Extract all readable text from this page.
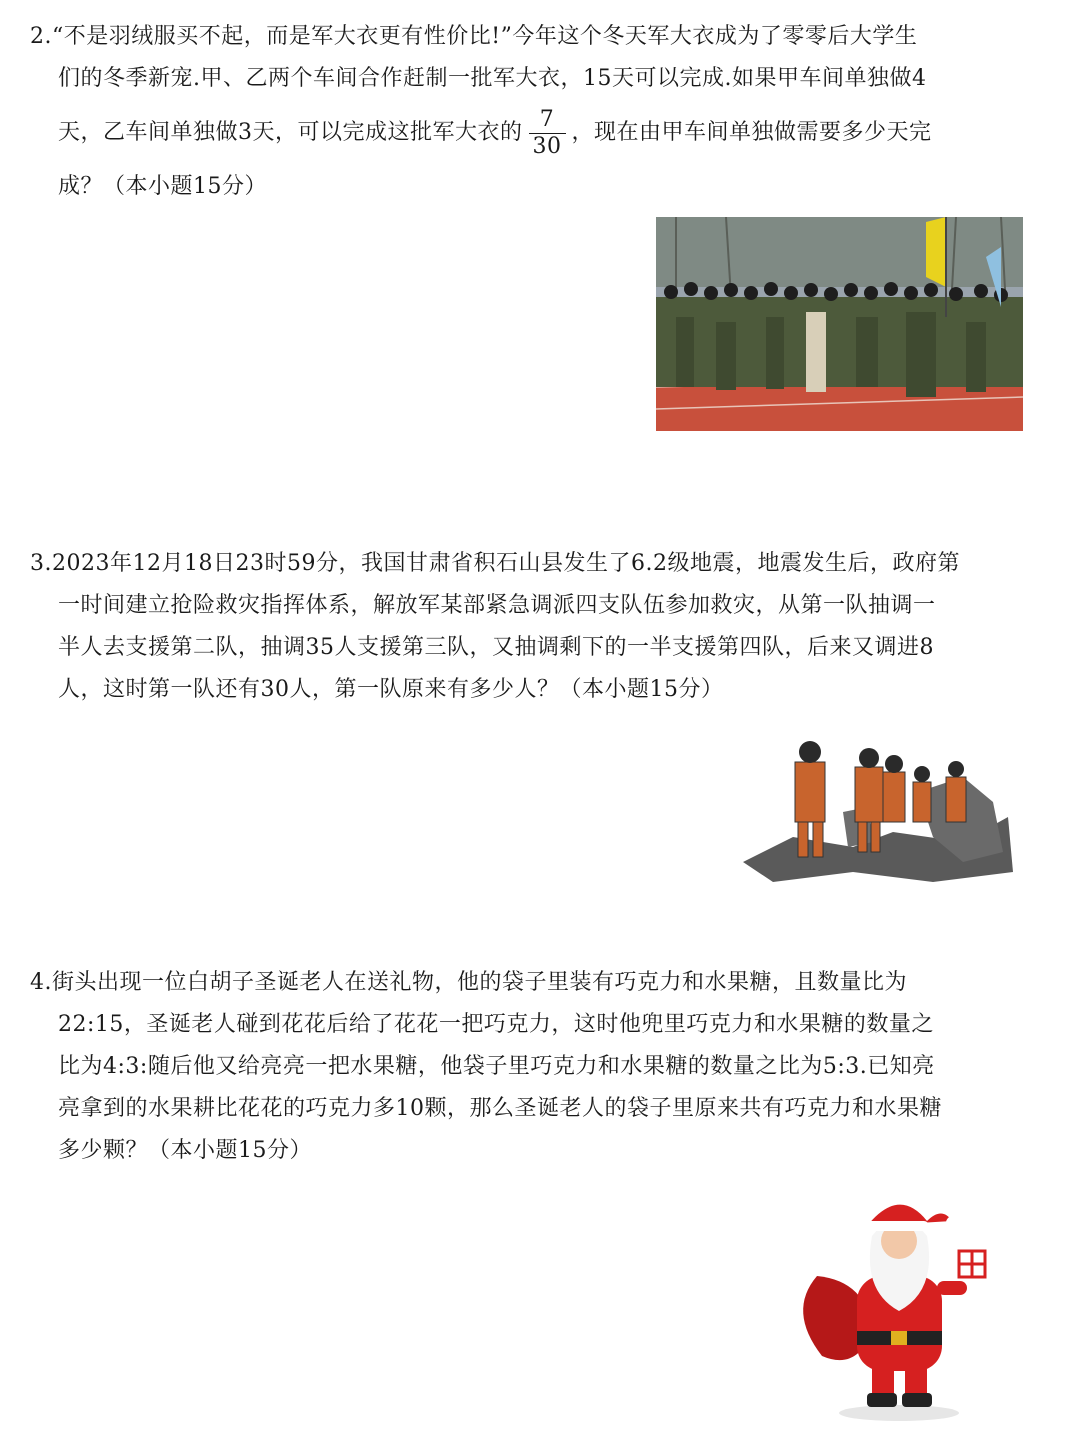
2.“不是羽绒服买不起，而是军大衣更有性价比!”今年这个冬天军大衣成为了零零后大学生
们的冬季新宠.甲、乙两个车间合作赶制一批军大衣，15天可以完成.如果甲车间单独做4
天，乙车间单独做3天，可以完成这批军大衣的 $\frac{7}{30}$ ，现在由甲车间单独做需要多少天完
成？（本小题15分）
3.2023年12月18日23时59分，我国甘肃省积石山县发生了6.2级地震，地震发生后，政府第
一时间建立抢险救灾指挥体系，解放军某部紧急调派四支队伍参加救灾，从第一队抽调一
半人去支援第二队，抽调35人支援第三队，又抽调剩下的一半支援第四队，后来又调进8
人，这时第一队还有30人，第一队原来有多少人？（本小题15分）
4.街头出现一位白胡子圣诞老人在送礼物，他的袋子里装有巧克力和水果糖，且数量比为
22:15，圣诞老人碰到花花后给了花花一把巧克力，这时他兜里巧克力和水果糖的数量之
比为4:3:随后他又给亮亮一把水果糖，他袋子里巧克力和水果糖的数量之比为5:3.已知亮
亮拿到的水果耕比花花的巧克力多10颗，那么圣诞老人的袋子里原来共有巧克力和水果糖
多少颗？（本小题15分）
